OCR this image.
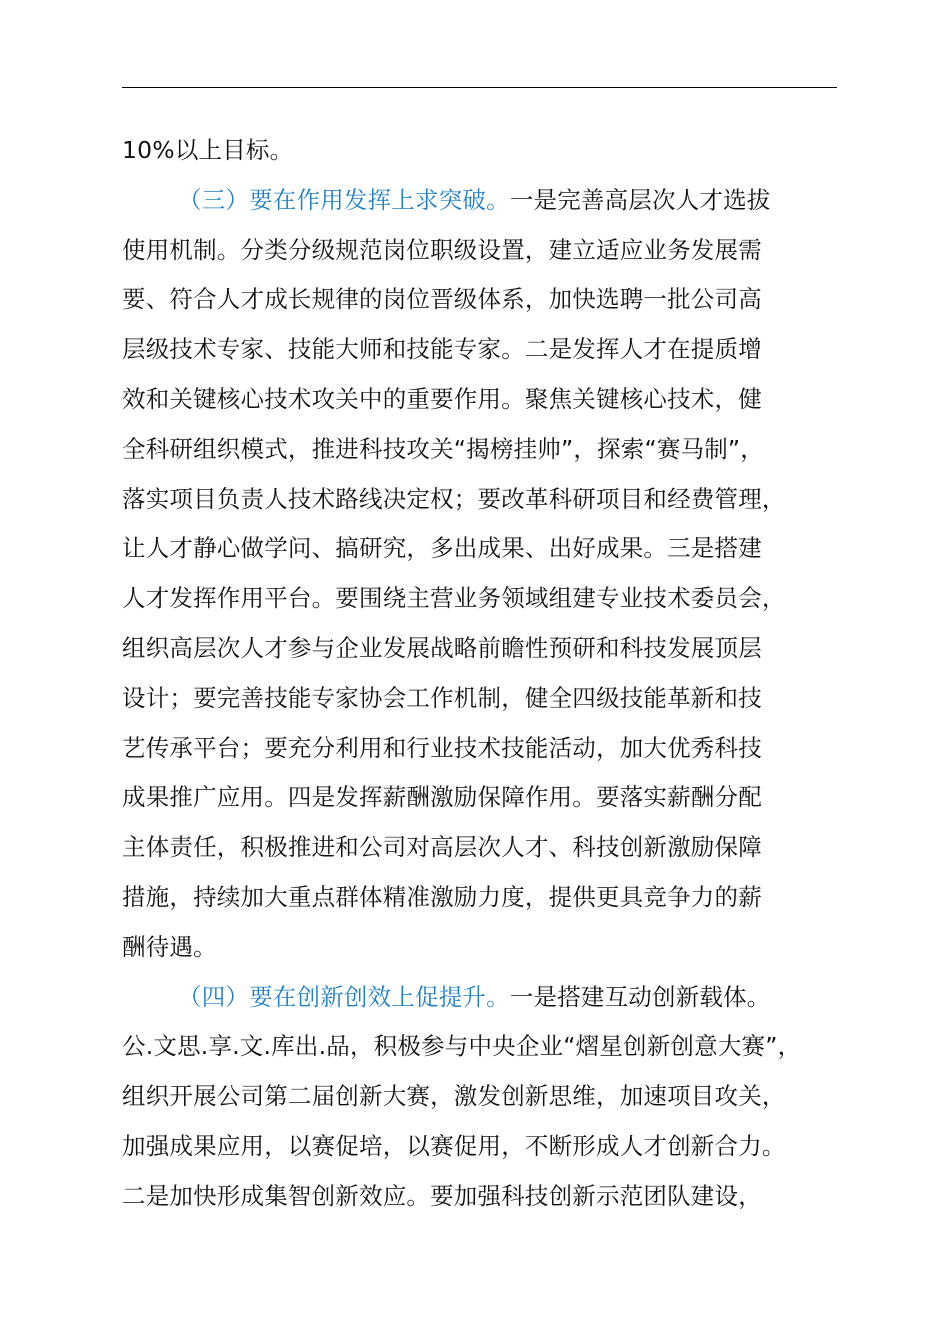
10%以上目标。
（三）要在作用发挥上求突破。一是完善高层次人才选拔
使用机制。分类分级规范岗位职级设置，建立适应业务发展需
要、符合人才成长规律的岗位晋级体系，加快选聘一批公司高
层级技术专家、技能大师和技能专家。二是发挥人才在提质增
效和关键核心技术攻关中的重要作用。聚焦关键核心技术，健
全科研组织模式，推进科技攻关“揭榜挂帅”，探索“赛马制”，
落实项目负责人技术路线决定权；要改革科研项目和经费管理，
让人才静心做学问、搞研究，多出成果、出好成果。三是搭建
人才发挥作用平台。要围绕主营业务领域组建专业技术委员会，
组织高层次人才参与企业发展战略前瞻性预研和科技发展顶层
设计；要完善技能专家协会工作机制，健全四级技能革新和技
艺传承平台；要充分利用和行业技术技能活动，加大优秀科技
成果推广应用。四是发挥薪酬激励保障作用。要落实薪酬分配
主体责任，积极推进和公司对高层次人才、科技创新激励保障
措施，持续加大重点群体精准激励力度，提供更具竞争力的薪
酬待遇。
（四）要在创新创效上促提升。一是搭建互动创新载体。
公.文思.享.文.库出.品，积极参与中央企业“熠星创新创意大赛”，
组织开展公司第二届创新大赛，激发创新思维，加速项目攻关，
加强成果应用，以赛促培，以赛促用，不断形成人才创新合力。
二是加快形成集智创新效应。要加强科技创新示范团队建设，
